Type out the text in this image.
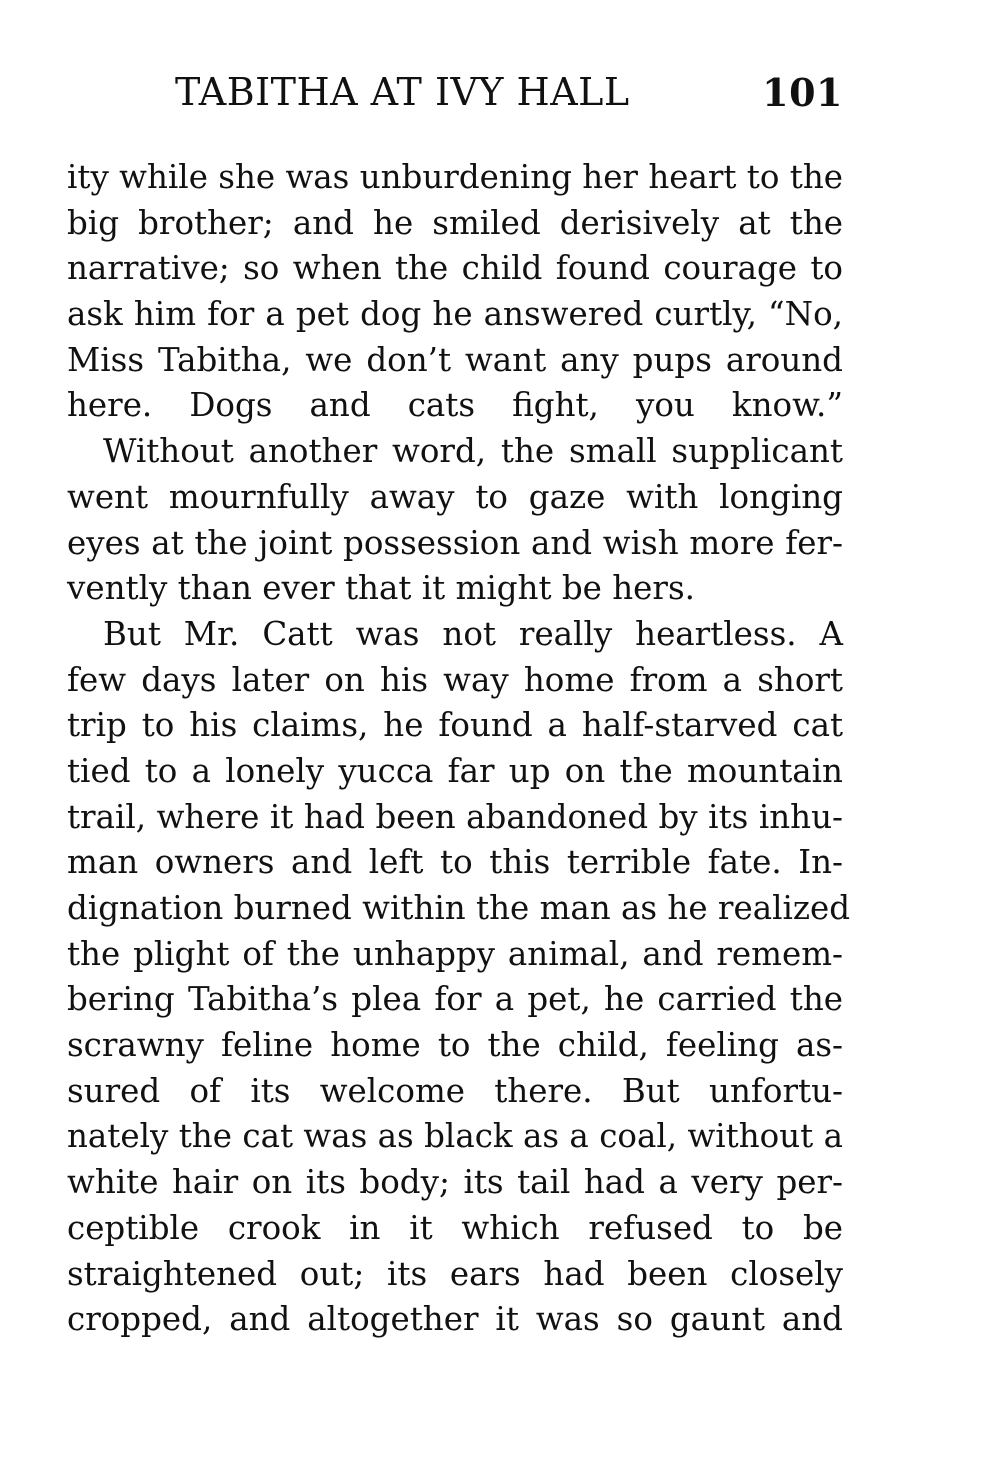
TABITHA AT IVY HALL	101
ity while she was unburdening her heart to the
big brother; and he smiled derisively at the
narrative; so when the child found courage to
ask him for a pet dog he answered curtly, “No,
Miss Tabitha, we don’t want any pups around
here. Dogs and cats fight, you know.”
Without another word, the small supplicant
went mournfully away to gaze with longing
eyes at the joint possession and wish more fer-
vently than ever that it might be hers.
But Mr. Catt was not really heartless. A
few days later on his way home from a short
trip to his claims, he found a half-starved cat
tied to a lonely yucca far up on the mountain
trail, where it had been abandoned by its inhu-
man owners and left to this terrible fate. In-
dignation burned within the man as he realized
the plight of the unhappy animal, and remem-
bering Tabitha’s plea for a pet, he carried the
scrawny feline home to the child, feeling as-
sured of its welcome there. But unfortu-
nately the cat was as black as a coal, without a
white hair on its body; its tail had a very per-
ceptible crook in it which refused to be
straightened out; its ears had been closely
cropped, and altogether it was so gaunt and
